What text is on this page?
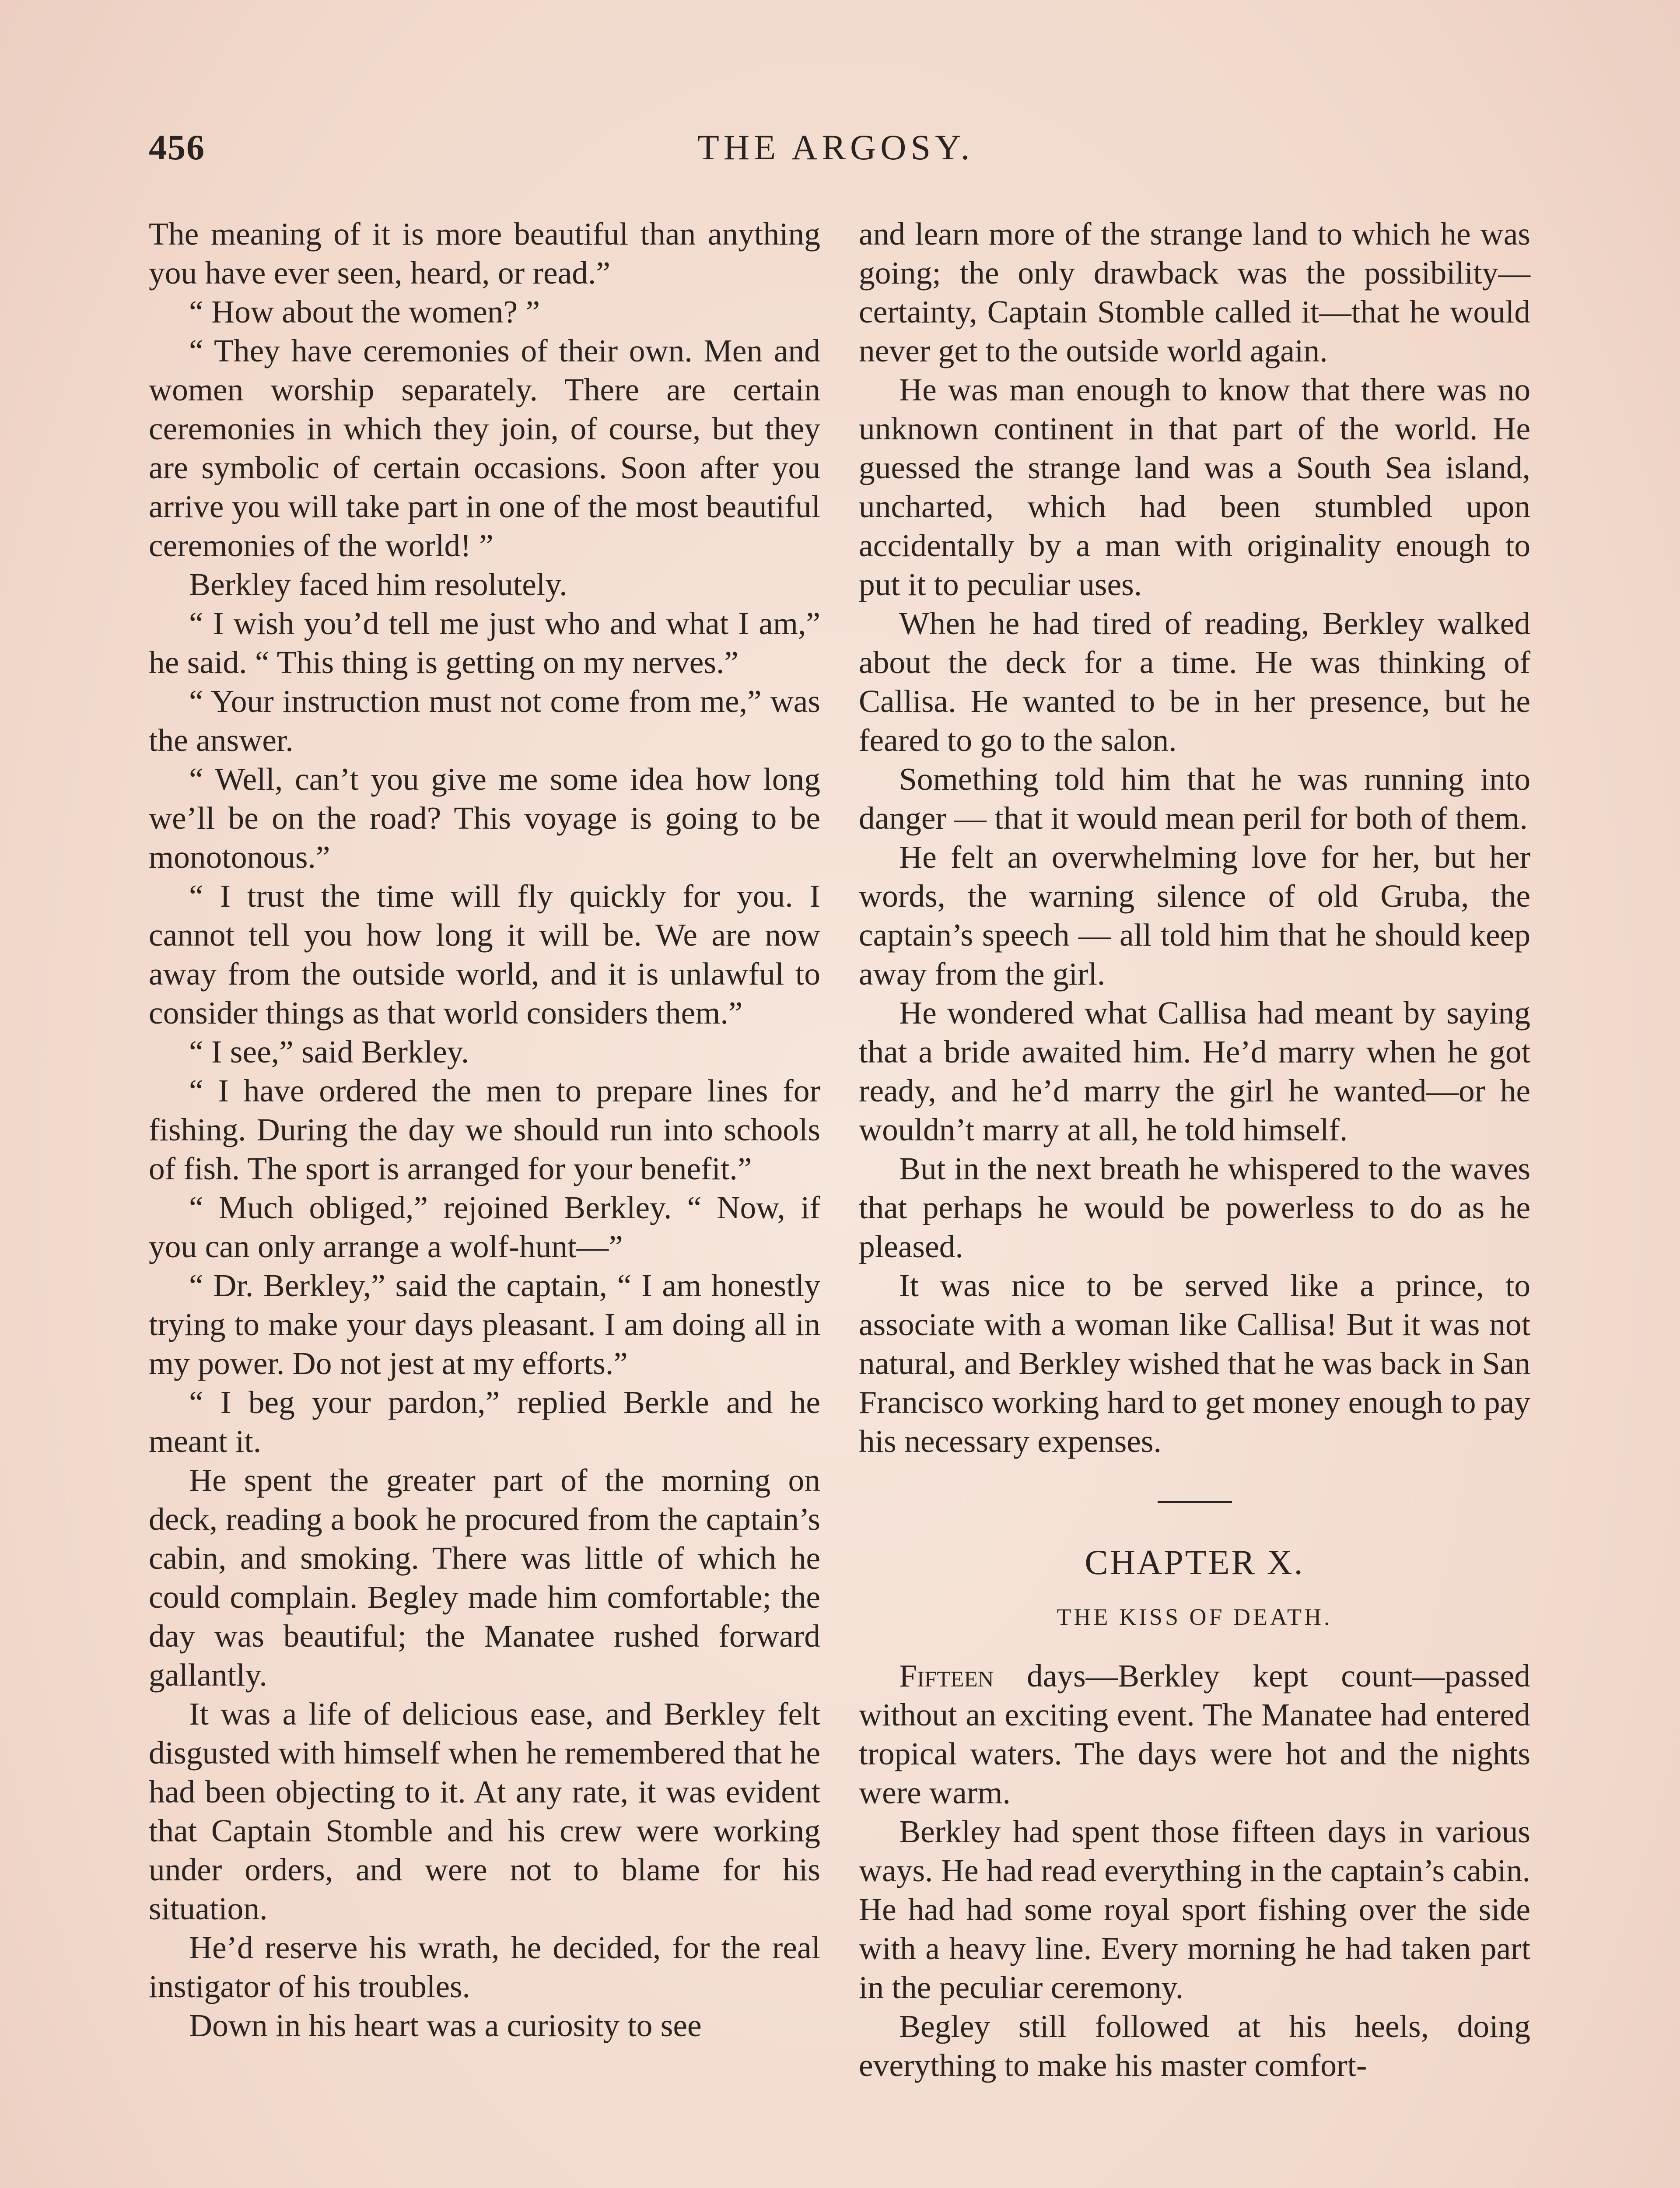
456	THE ARGOSY.

The meaning of it is more beautiful than anything you have ever seen, heard, or read.”

“ How about the women? ”

“ They have ceremonies of their own. Men and women worship separately. There are certain ceremonies in which they join, of course, but they are symbolic of certain occasions. Soon after you arrive you will take part in one of the most beautiful ceremonies of the world! ”

Berkley faced him resolutely.

“ I wish you’d tell me just who and what I am,” he said. “ This thing is getting on my nerves.”

“ Your instruction must not come from me,” was the answer.

“ Well, can’t you give me some idea how long we’ll be on the road? This voyage is going to be monotonous.”

“ I trust the time will fly quickly for you. I cannot tell you how long it will be. We are now away from the outside world, and it is unlawful to consider things as that world considers them.”

“ I see,” said Berkley.

“ I have ordered the men to prepare lines for fishing. During the day we should run into schools of fish. The sport is arranged for your benefit.”

“ Much obliged,” rejoined Berkley. “ Now, if you can only arrange a wolf-hunt—”

“ Dr. Berkley,” said the captain, “ I am honestly trying to make your days pleasant. I am doing all in my power. Do not jest at my efforts.”

“ I beg your pardon,” replied Berkle and he meant it.

He spent the greater part of the morning on deck, reading a book he procured from the captain’s cabin, and smoking. There was little of which he could complain. Begley made him comfortable; the day was beautiful; the Manatee rushed forward gallantly.

It was a life of delicious ease, and Berkley felt disgusted with himself when he remembered that he had been objecting to it. At any rate, it was evident that Captain Stomble and his crew were working under orders, and were not to blame for his situation.

He’d reserve his wrath, he decided, for the real instigator of his troubles.

Down in his heart was a curiosity to see

and learn more of the strange land to which he was going; the only drawback was the possibility—certainty, Captain Stomble called it—that he would never get to the outside world again.

He was man enough to know that there was no unknown continent in that part of the world. He guessed the strange land was a South Sea island, uncharted, which had been stumbled upon accidentally by a man with originality enough to put it to peculiar uses.

When he had tired of reading, Berkley walked about the deck for a time. He was thinking of Callisa. He wanted to be in her presence, but he feared to go to the salon.

Something told him that he was running into danger — that it would mean peril for both of them.

He felt an overwhelming love for her, but her words, the warning silence of old Gruba, the captain’s speech — all told him that he should keep away from the girl.

He wondered what Callisa had meant by saying that a bride awaited him. He’d marry when he got ready, and he’d marry the girl he wanted—or he wouldn’t marry at all, he told himself.

But in the next breath he whispered to the waves that perhaps he would be powerless to do as he pleased.

It was nice to be served like a prince, to associate with a woman like Callisa! But it was not natural, and Berkley wished that he was back in San Francisco working hard to get money enough to pay his necessary expenses.

CHAPTER X.
THE KISS OF DEATH.

Fifteen days—Berkley kept count—passed without an exciting event. The Manatee had entered tropical waters. The days were hot and the nights were warm.

Berkley had spent those fifteen days in various ways. He had read everything in the captain’s cabin. He had had some royal sport fishing over the side with a heavy line. Every morning he had taken part in the peculiar ceremony.

Begley still followed at his heels, doing everything to make his master comfort-
